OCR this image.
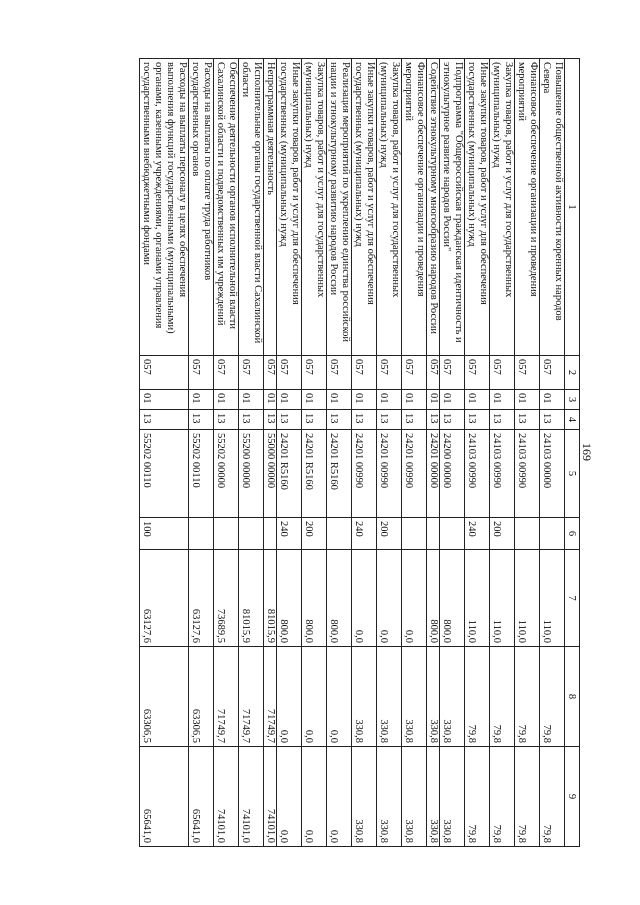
169
1	2	3	4	5	6	7	8	9
Повышение общественной активности коренных народов Севера	057	01	13	24103 00000		110,0	79,8	79,8
Финансовое обеспечение организации и проведения мероприятий	057	01	13	24103 00990		110,0	79,8	79,8
Закупка товаров, работ и услуг для государственных (муниципальных) нужд	057	01	13	24103 00990	200	110,0	79,8	79,8
Иные закупки товаров, работ и услуг для обеспечения государственных (муниципальных) нужд	057	01	13	24103 00990	240	110,0	79,8	79,8
Подпрограмма "Общероссийская гражданская идентичность и этнокультурное развитие народов России"	057	01	13	24200 00000		800,0	330,8	330,8
Содействие этнокультурному многообразию народов России	057	01	13	24201 00000		800,0	330,8	330,8
Финансовое обеспечение организации и проведения мероприятий	057	01	13	24201 00990		0,0	330,8	330,8
Закупка товаров, работ и услуг для государственных (муниципальных) нужд	057	01	13	24201 00990	200	0,0	330,8	330,8
Иные закупки товаров, работ и услуг для обеспечения государственных (муниципальных) нужд	057	01	13	24201 00990	240	0,0	330,8	330,8
Реализация мероприятий по укреплению единства российской нации и этнокультурному развитию народов России	057	01	13	24201 R5160		800,0	0,0	0,0
Закупка товаров, работ и услуг для государственных (муниципальных) нужд	057	01	13	24201 R5160	200	800,0	0,0	0,0
Иные закупки товаров, работ и услуг для обеспечения государственных (муниципальных) нужд	057	01	13	24201 R5160	240	800,0	0,0	0,0
Непрограммная деятельность	057	01	13	55000 00000		81015,9	71749,7	74101,0
Исполнительные органы государственной власти Сахалинской области	057	01	13	55200 00000		81015,9	71749,7	74101,0
Обеспечение деятельности органов исполнительной власти Сахалинской области и подведомственных им учреждений	057	01	13	55202 00000		73689,5	71749,7	74101,0
Расходы на выплаты по оплате труда работников государственных органов	057	01	13	55202 00110		63127,6	63306,5	65641,0
Расходы на выплаты персоналу в целях обеспечения выполнения функций государственными (муниципальными) органами, казенными учреждениями, органами управления государственными внебюджетными фондами	057	01	13	55202 00110	100	63127,6	63306,5	65641,0
